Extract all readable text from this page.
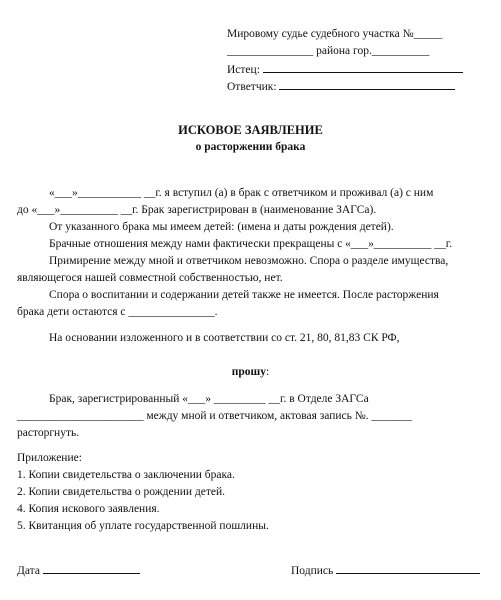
Мировому судье судебного участка №_____
_______________ района гор.__________
Истец:
Ответчик:
ИСКОВОЕ ЗАЯВЛЕНИЕ
о расторжении брака
«___»___________ __г. я вступил (а) в брак с ответчиком и проживал (а) с ним
до «___»__________ __г. Брак зарегистрирован в (наименование ЗАГСа).
От указанного брака мы имеем детей: (имена и даты рождения детей).
Брачные отношения между нами фактически прекращены с «___»__________ __г.
Примирение между мной и ответчиком невозможно. Спора о разделе имущества,
являющегося нашей совместной собственностью, нет.
Спора о воспитании и содержании детей также не имеется. После расторжения
брака дети остаются с _______________.
На основании изложенного и в соответствии со ст. 21, 80, 81,83 СК РФ,
прошу:
Брак, зарегистрированный «___» _________ __г. в Отделе ЗАГСа
______________________ между мной и ответчиком, актовая запись №. _______
расторгнуть.
Приложение:
1. Копии свидетельства о заключении брака.
2. Копии свидетельства о рождении детей.
4. Копия искового заявления.
5. Квитанция об уплате государственной пошлины.
Дата	Подпись
